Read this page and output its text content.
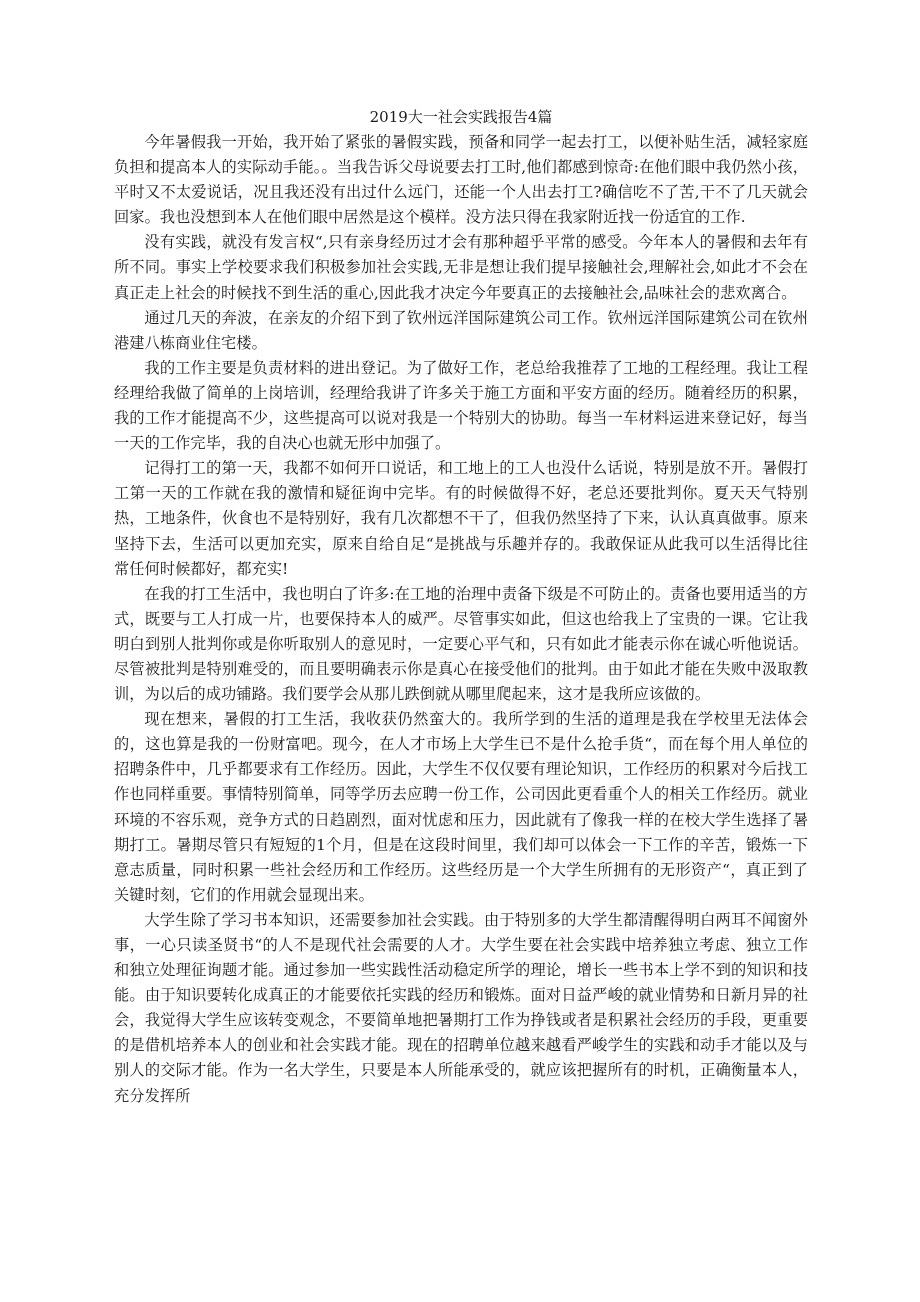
2019大一社会实践报告4篇

今年暑假我一开始，我开始了紧张的暑假实践，预备和同学一起去打工，以便补贴生活，减轻家庭负担和提高本人的实际动手能。。当我告诉父母说要去打工时,他们都感到惊奇:在他们眼中我仍然小孩，平时又不太爱说话，况且我还没有出过什么远门，还能一个人出去打工?确信吃不了苦,干不了几天就会回家。我也没想到本人在他们眼中居然是这个模样。没方法只得在我家附近找一份适宜的工作.

没有实践，就没有发言权“,只有亲身经历过才会有那种超乎平常的感受。今年本人的暑假和去年有所不同。事实上学校要求我们积极参加社会实践,无非是想让我们提早接触社会,理解社会,如此才不会在真正走上社会的时候找不到生活的重心,因此我才决定今年要真正的去接触社会,品味社会的悲欢离合。

通过几天的奔波，在亲友的介绍下到了钦州远洋国际建筑公司工作。钦州远洋国际建筑公司在钦州港建八栋商业住宅楼。

我的工作主要是负责材料的进出登记。为了做好工作，老总给我推荐了工地的工程经理。我让工程经理给我做了简单的上岗培训，经理给我讲了许多关于施工方面和平安方面的经历。随着经历的积累，我的工作才能提高不少，这些提高可以说对我是一个特别大的协助。每当一车材料运进来登记好，每当一天的工作完毕，我的自决心也就无形中加强了。

记得打工的第一天，我都不如何开口说话，和工地上的工人也没什么话说，特别是放不开。暑假打工第一天的工作就在我的激情和疑征询中完毕。有的时候做得不好，老总还要批判你。夏天天气特别热，工地条件，伙食也不是特别好，我有几次都想不干了，但我仍然坚持了下来，认认真真做事。原来坚持下去，生活可以更加充实，原来自给自足“是挑战与乐趣并存的。我敢保证从此我可以生活得比往常任何时候都好，都充实!

在我的打工生活中，我也明白了许多:在工地的治理中责备下级是不可防止的。责备也要用适当的方式，既要与工人打成一片，也要保持本人的威严。尽管事实如此，但这也给我上了宝贵的一课。它让我明白到别人批判你或是你听取别人的意见时，一定要心平气和，只有如此才能表示你在诚心听他说话。尽管被批判是特别难受的，而且要明确表示你是真心在接受他们的批判。由于如此才能在失败中汲取教训，为以后的成功铺路。我们要学会从那儿跌倒就从哪里爬起来，这才是我所应该做的。

现在想来，暑假的打工生活，我收获仍然蛮大的。我所学到的生活的道理是我在学校里无法体会的，这也算是我的一份财富吧。现今，在人才市场上大学生已不是什么抢手货“，而在每个用人单位的招聘条件中，几乎都要求有工作经历。因此，大学生不仅仅要有理论知识，工作经历的积累对今后找工作也同样重要。事情特别简单，同等学历去应聘一份工作，公司因此更看重个人的相关工作经历。就业环境的不容乐观，竞争方式的日趋剧烈，面对忧虑和压力，因此就有了像我一样的在校大学生选择了暑期打工。暑期尽管只有短短的1个月，但是在这段时间里，我们却可以体会一下工作的辛苦，锻炼一下意志质量，同时积累一些社会经历和工作经历。这些经历是一个大学生所拥有的无形资产“，真正到了关键时刻，它们的作用就会显现出来。

大学生除了学习书本知识，还需要参加社会实践。由于特别多的大学生都清醒得明白两耳不闻窗外事，一心只读圣贤书“的人不是现代社会需要的人才。大学生要在社会实践中培养独立考虑、独立工作和独立处理征询题才能。通过参加一些实践性活动稳定所学的理论，增长一些书本上学不到的知识和技能。由于知识要转化成真正的才能要依托实践的经历和锻炼。面对日益严峻的就业情势和日新月异的社会，我觉得大学生应该转变观念，不要简单地把暑期打工作为挣钱或者是积累社会经历的手段，更重要的是借机培养本人的创业和社会实践才能。现在的招聘单位越来越看严峻学生的实践和动手才能以及与别人的交际才能。作为一名大学生，只要是本人所能承受的，就应该把握所有的时机，正确衡量本人，充分发挥所
